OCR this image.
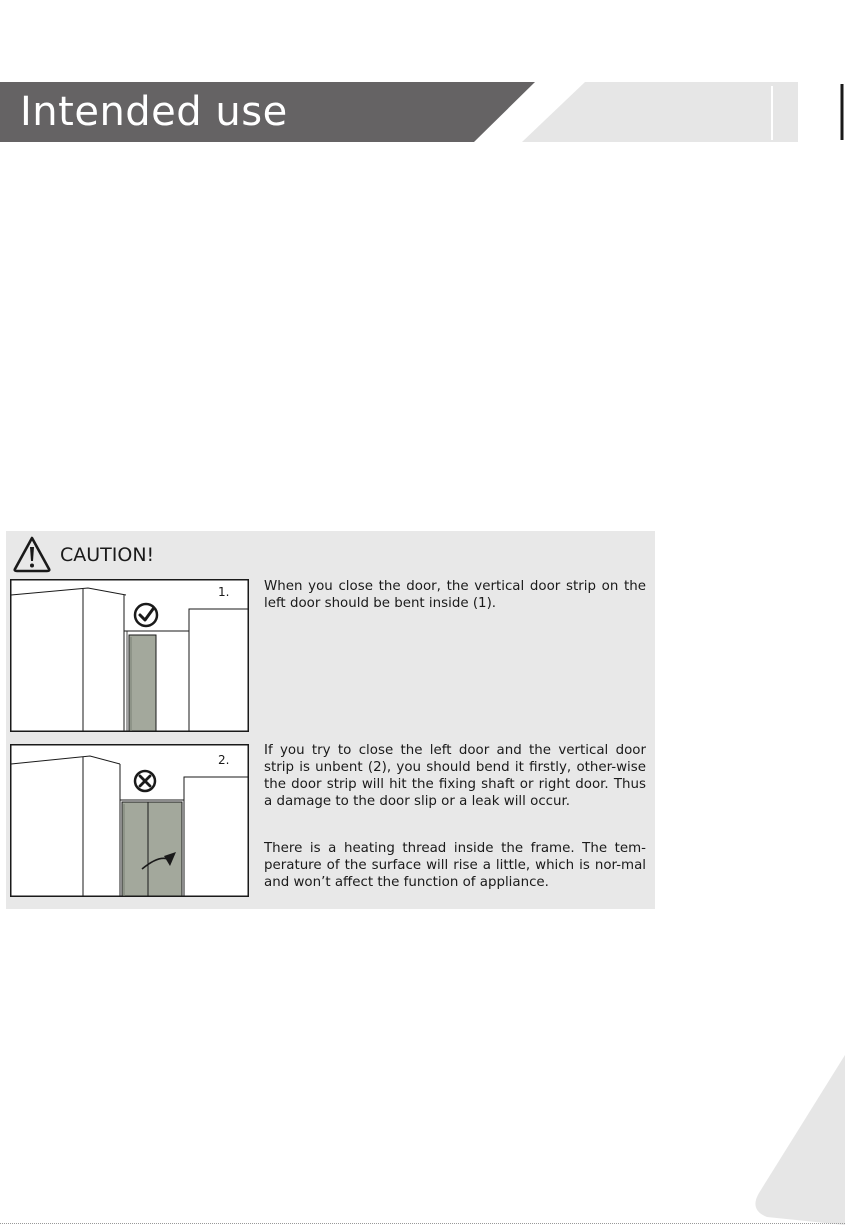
Intended use
CAUTION!
1.
2.

When you close the door, the vertical door strip on the left door should be bent inside (1).

If you try to close the left door and the vertical door strip is unbent (2), you should bend it firstly, other-wise the door strip will hit the fixing shaft or right door. Thus a damage to the door slip or a leak will occur.

There is a heating thread inside the frame. The tem-perature of the surface will rise a little, which is nor-mal and won’t affect the function of appliance.
